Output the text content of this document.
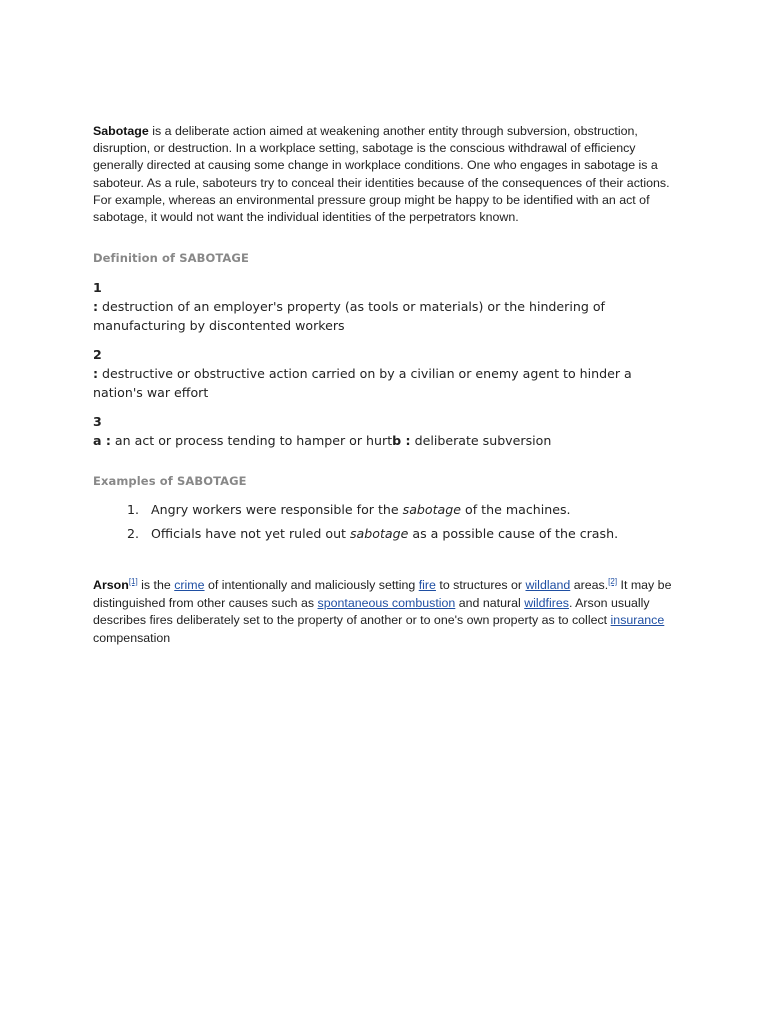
Sabotage is a deliberate action aimed at weakening another entity through subversion, obstruction, disruption, or destruction. In a workplace setting, sabotage is the conscious withdrawal of efficiency generally directed at causing some change in workplace conditions. One who engages in sabotage is a saboteur. As a rule, saboteurs try to conceal their identities because of the consequences of their actions. For example, whereas an environmental pressure group might be happy to be identified with an act of sabotage, it would not want the individual identities of the perpetrators known.

Definition of SABOTAGE
1
: destruction of an employer's property (as tools or materials) or the hindering of manufacturing by discontented workers
2
: destructive or obstructive action carried on by a civilian or enemy agent to hinder a nation's war effort
3
a : an act or process tending to hamper or hurtb : deliberate subversion
Examples of SABOTAGE
1. Angry workers were responsible for the sabotage of the machines.
2. Officials have not yet ruled out sabotage as a possible cause of the crash.

Arson[1] is the crime of intentionally and maliciously setting fire to structures or wildland areas.[2] It may be distinguished from other causes such as spontaneous combustion and natural wildfires. Arson usually describes fires deliberately set to the property of another or to one's own property as to collect insurance compensation
